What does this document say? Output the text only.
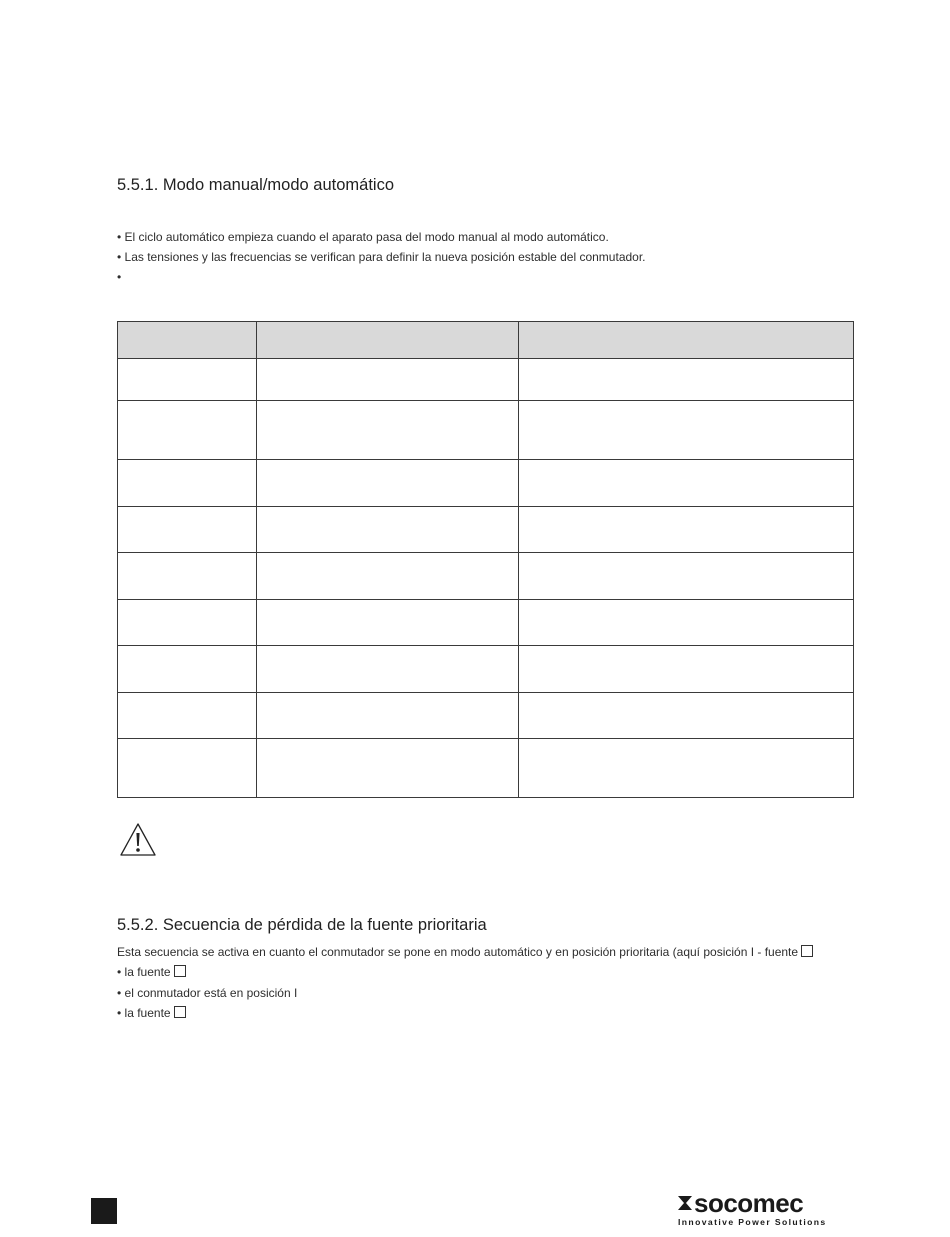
5.5.1. Modo manual/modo automático
• El ciclo automático empieza cuando el aparato pasa del modo manual al modo automático.
• Las tensiones y las frecuencias se verifican para definir la nueva posición estable del conmutador.
•

5.5.2. Secuencia de pérdida de la fuente prioritaria
Esta secuencia se activa en cuanto el conmutador se pone en modo automático y en posición prioritaria (aquí posición I - fuente
• la fuente
• el conmutador está en posición I
• la fuente
socomec
Innovative Power Solutions
